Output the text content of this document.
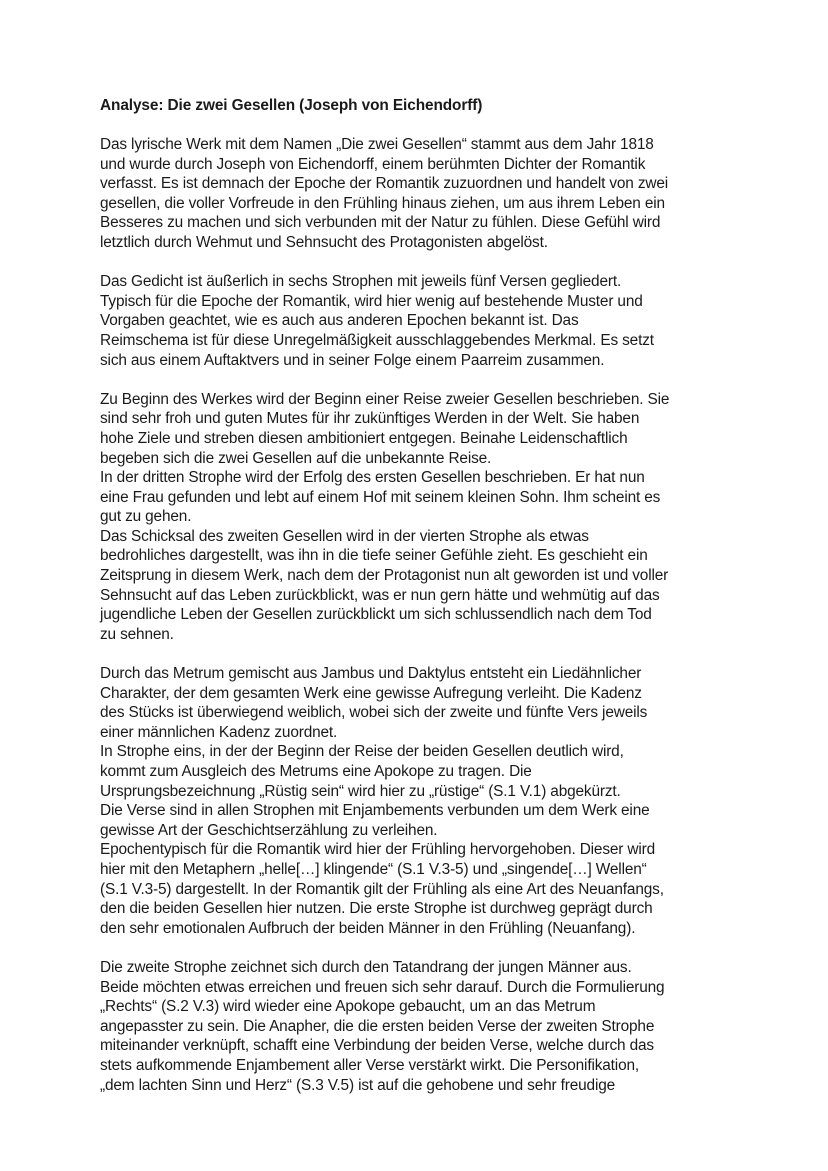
Analyse: Die zwei Gesellen (Joseph von Eichendorff)
Das lyrische Werk mit dem Namen „Die zwei Gesellen“ stammt aus dem Jahr 1818
und wurde durch Joseph von Eichendorff, einem berühmten Dichter der Romantik
verfasst. Es ist demnach der Epoche der Romantik zuzuordnen und handelt von zwei
gesellen, die voller Vorfreude in den Frühling hinaus ziehen, um aus ihrem Leben ein
Besseres zu machen und sich verbunden mit der Natur zu fühlen. Diese Gefühl wird
letztlich durch Wehmut und Sehnsucht des Protagonisten abgelöst.
Das Gedicht ist äußerlich in sechs Strophen mit jeweils fünf Versen gegliedert.
Typisch für die Epoche der Romantik, wird hier wenig auf bestehende Muster und
Vorgaben geachtet, wie es auch aus anderen Epochen bekannt ist. Das
Reimschema ist für diese Unregelmäßigkeit ausschlaggebendes Merkmal. Es setzt
sich aus einem Auftaktvers und in seiner Folge einem Paarreim zusammen.
Zu Beginn des Werkes wird der Beginn einer Reise zweier Gesellen beschrieben. Sie
sind sehr froh und guten Mutes für ihr zukünftiges Werden in der Welt. Sie haben
hohe Ziele und streben diesen ambitioniert entgegen. Beinahe Leidenschaftlich
begeben sich die zwei Gesellen auf die unbekannte Reise.
In der dritten Strophe wird der Erfolg des ersten Gesellen beschrieben. Er hat nun
eine Frau gefunden und lebt auf einem Hof mit seinem kleinen Sohn. Ihm scheint es
gut zu gehen.
Das Schicksal des zweiten Gesellen wird in der vierten Strophe als etwas
bedrohliches dargestellt, was ihn in die tiefe seiner Gefühle zieht. Es geschieht ein
Zeitsprung in diesem Werk, nach dem der Protagonist nun alt geworden ist und voller
Sehnsucht auf das Leben zurückblickt, was er nun gern hätte und wehmütig auf das
jugendliche Leben der Gesellen zurückblickt um sich schlussendlich nach dem Tod
zu sehnen.
Durch das Metrum gemischt aus Jambus und Daktylus entsteht ein Liedähnlicher
Charakter, der dem gesamten Werk eine gewisse Aufregung verleiht. Die Kadenz
des Stücks ist überwiegend weiblich, wobei sich der zweite und fünfte Vers jeweils
einer männlichen Kadenz zuordnet.
In Strophe eins, in der der Beginn der Reise der beiden Gesellen deutlich wird,
kommt zum Ausgleich des Metrums eine Apokope zu tragen. Die
Ursprungsbezeichnung „Rüstig sein“ wird hier zu „rüstige“ (S.1 V.1) abgekürzt.
Die Verse sind in allen Strophen mit Enjambements verbunden um dem Werk eine
gewisse Art der Geschichtserzählung zu verleihen.
Epochentypisch für die Romantik wird hier der Frühling hervorgehoben. Dieser wird
hier mit den Metaphern „helle[…] klingende“ (S.1 V.3-5) und „singende[…] Wellen“
(S.1 V.3-5) dargestellt. In der Romantik gilt der Frühling als eine Art des Neuanfangs,
den die beiden Gesellen hier nutzen. Die erste Strophe ist durchweg geprägt durch
den sehr emotionalen Aufbruch der beiden Männer in den Frühling (Neuanfang).
Die zweite Strophe zeichnet sich durch den Tatandrang der jungen Männer aus.
Beide möchten etwas erreichen und freuen sich sehr darauf. Durch die Formulierung
„Rechts“ (S.2 V.3) wird wieder eine Apokope gebaucht, um an das Metrum
angepasster zu sein. Die Anapher, die die ersten beiden Verse der zweiten Strophe
miteinander verknüpft, schafft eine Verbindung der beiden Verse, welche durch das
stets aufkommende Enjambement aller Verse verstärkt wirkt. Die Personifikation,
„dem lachten Sinn und Herz“ (S.3 V.5) ist auf die gehobene und sehr freudige
